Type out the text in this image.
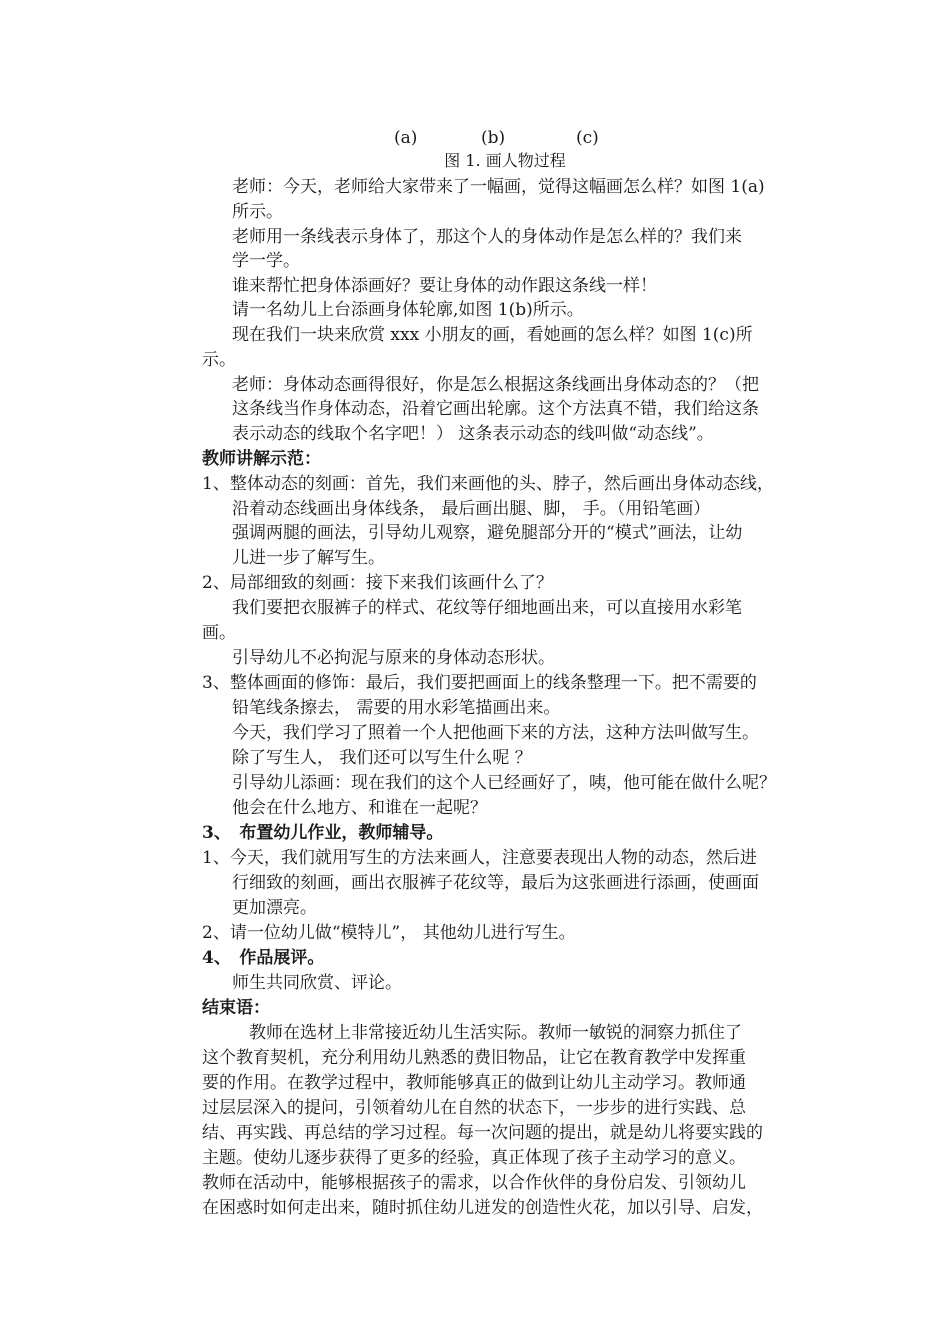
(a)	(b)	(c)
图 1. 画人物过程
老师：今天，老师给大家带来了一幅画，觉得这幅画怎么样？如图 1(a)
所示。
老师用一条线表示身体了，那这个人的身体动作是怎么样的？我们来
学一学。
谁来帮忙把身体添画好？要让身体的动作跟这条线一样！
请一名幼儿上台添画身体轮廓,如图 1(b)所示。
现在我们一块来欣赏 xxx 小朋友的画，看她画的怎么样？如图 1(c)所
示。
老师：身体动态画得很好，你是怎么根据这条线画出身体动态的？（把
这条线当作身体动态，沿着它画出轮廓。这个方法真不错，我们给这条
表示动态的线取个名字吧！） 这条表示动态的线叫做“动态线”。
教师讲解示范：
1、整体动态的刻画：首先，我们来画他的头、脖子，然后画出身体动态线，
沿着动态线画出身体线条， 最后画出腿、脚， 手。（用铅笔画）
强调两腿的画法，引导幼儿观察，避免腿部分开的“模式”画法，让幼
儿进一步了解写生。
2、局部细致的刻画：接下来我们该画什么了？
我们要把衣服裤子的样式、花纹等仔细地画出来，可以直接用水彩笔
画。
引导幼儿不必拘泥与原来的身体动态形状。
3、整体画面的修饰：最后，我们要把画面上的线条整理一下。把不需要的
铅笔线条擦去， 需要的用水彩笔描画出来。
今天，我们学习了照着一个人把他画下来的方法，这种方法叫做写生。
除了写生人， 我们还可以写生什么呢 ？
引导幼儿添画：现在我们的这个人已经画好了，咦，他可能在做什么呢？
他会在什么地方、和谁在一起呢？
3、　布置幼儿作业，教师辅导。
1、今天，我们就用写生的方法来画人，注意要表现出人物的动态，然后进
行细致的刻画，画出衣服裤子花纹等，最后为这张画进行添画，使画面
更加漂亮。
2、请一位幼儿做“模特儿”， 其他幼儿进行写生。
4、　作品展评。
师生共同欣赏、评论。
结束语：
教师在选材上非常接近幼儿生活实际。教师一敏锐的洞察力抓住了
这个教育契机，充分利用幼儿熟悉的费旧物品，让它在教育教学中发挥重
要的作用。在教学过程中，教师能够真正的做到让幼儿主动学习。教师通
过层层深入的提问，引领着幼儿在自然的状态下，一步步的进行实践、总
结、再实践、再总结的学习过程。每一次问题的提出，就是幼儿将要实践的
主题。使幼儿逐步获得了更多的经验，真正体现了孩子主动学习的意义。
教师在活动中，能够根据孩子的需求，以合作伙伴的身份启发、引领幼儿
在困惑时如何走出来，随时抓住幼儿迸发的创造性火花，加以引导、启发，
